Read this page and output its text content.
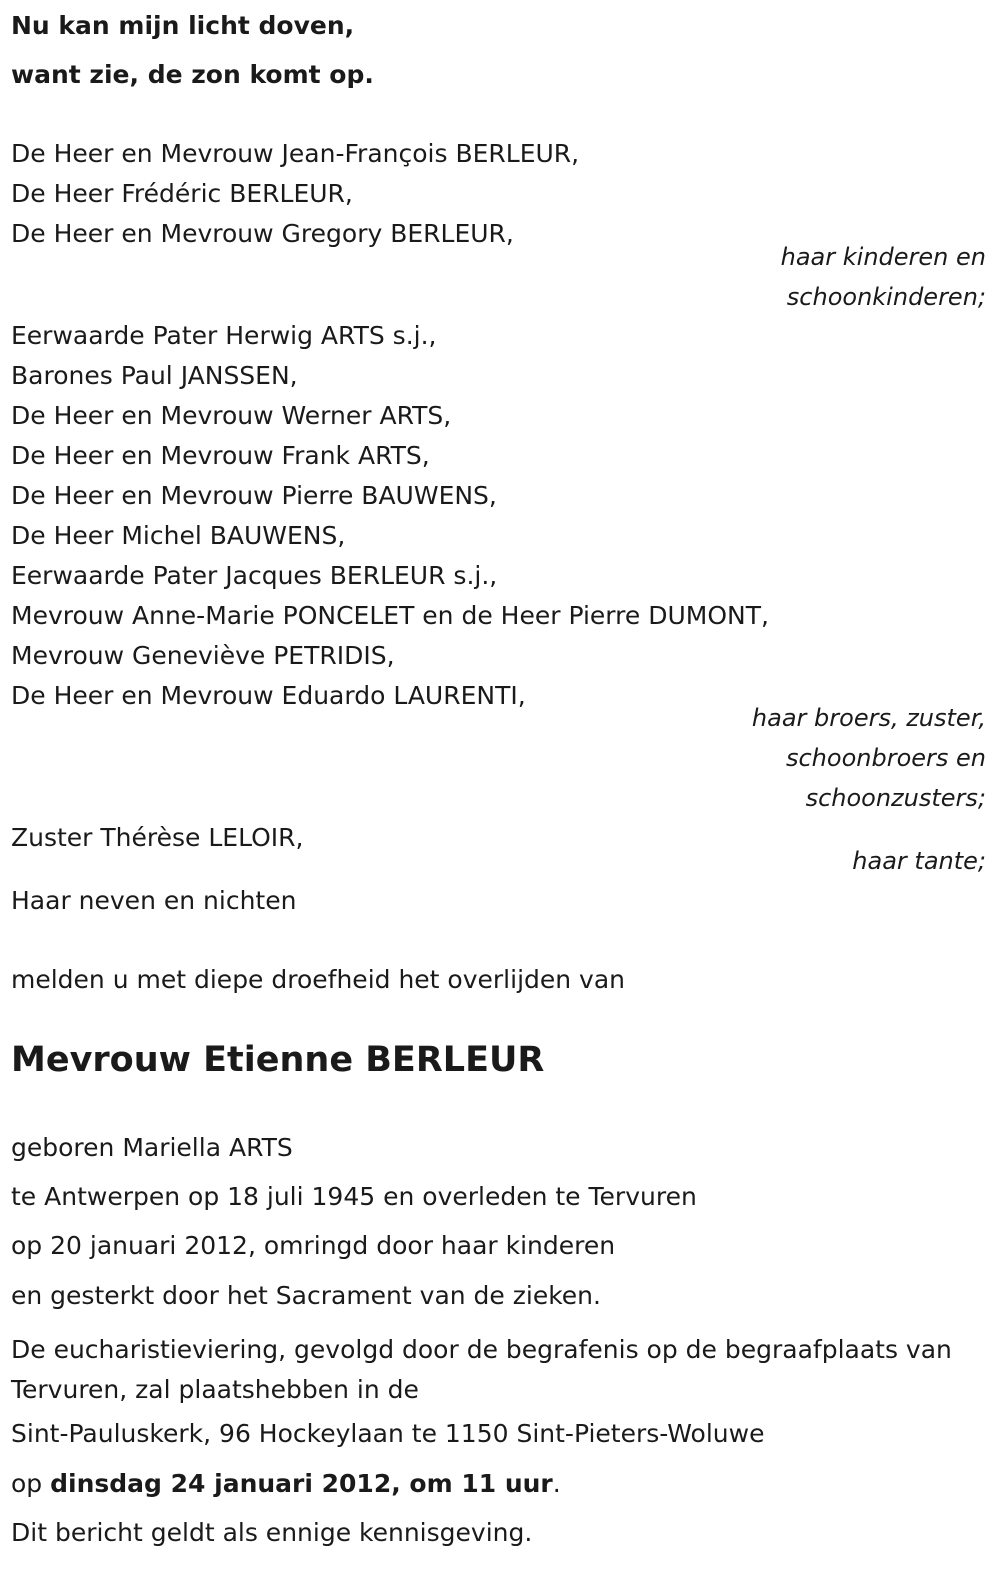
Nu kan mijn licht doven,
want zie, de zon komt op.
De Heer en Mevrouw Jean-François BERLEUR,
De Heer Frédéric BERLEUR,
De Heer en Mevrouw Gregory BERLEUR,
haar kinderen en
schoonkinderen;
Eerwaarde Pater Herwig ARTS s.j.,
Barones Paul JANSSEN,
De Heer en Mevrouw Werner ARTS,
De Heer en Mevrouw Frank ARTS,
De Heer en Mevrouw Pierre BAUWENS,
De Heer Michel BAUWENS,
Eerwaarde Pater Jacques BERLEUR s.j.,
Mevrouw Anne-Marie PONCELET en de Heer Pierre DUMONT,
Mevrouw Geneviève PETRIDIS,
De Heer en Mevrouw Eduardo LAURENTI,
haar broers, zuster,
schoonbroers en
schoonzusters;
Zuster Thérèse LELOIR,
haar tante;
Haar neven en nichten
melden u met diepe droefheid het overlijden van
Mevrouw Etienne BERLEUR
geboren Mariella ARTS
te Antwerpen op 18 juli 1945 en overleden te Tervuren
op 20 januari 2012, omringd door haar kinderen
en gesterkt door het Sacrament van de zieken.
De eucharistieviering, gevolgd door de begrafenis op de begraafplaats van Tervuren, zal plaatshebben in de
Sint-Pauluskerk, 96 Hockeylaan te 1150 Sint-Pieters-Woluwe
op dinsdag 24 januari 2012, om 11 uur.
Dit bericht geldt als ennige kennisgeving.
